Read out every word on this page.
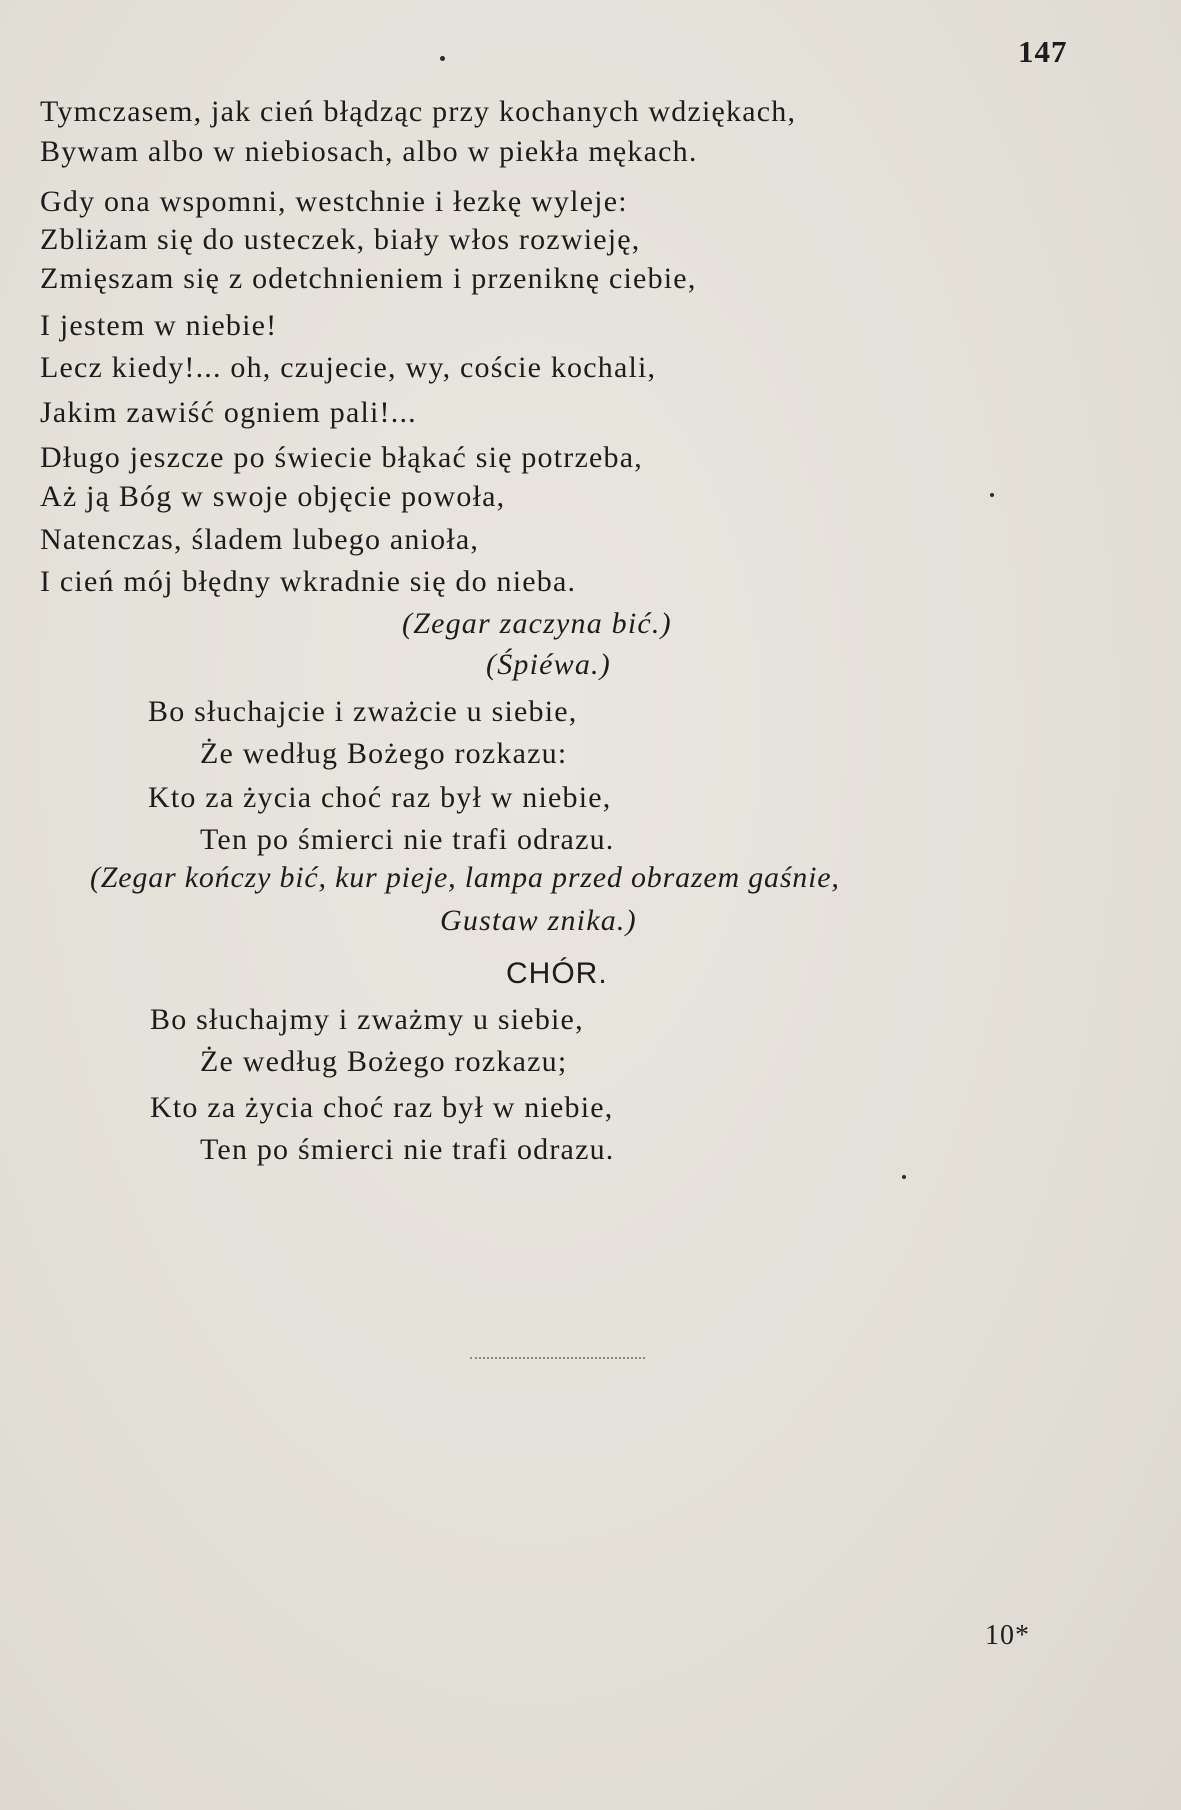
147
Tymczasem, jak cień błądząc przy kochanych wdziękach,
Bywam albo w niebiosach, albo w piekła mękach.
Gdy ona wspomni, westchnie i łezkę wyleje:
Zbliżam się do usteczek, biały włos rozwieję,
Zmięszam się z odetchnieniem i przeniknę ciebie,
I jestem w niebie!
Lecz kiedy!... oh, czujecie, wy, coście kochali,
Jakim zawiść ogniem pali!...
Długo jeszcze po świecie błąkać się potrzeba,
Aż ją Bóg w swoje objęcie powoła,
Natenczas, śladem lubego anioła,
I cień mój błędny wkradnie się do nieba.
(Zegar zaczyna bić.)
(Śpiéwa.)
Bo słuchajcie i zważcie u siebie,
Że według Bożego rozkazu:
Kto za życia choć raz był w niebie,
Ten po śmierci nie trafi odrazu.
(Zegar kończy bić, kur pieje, lampa przed obrazem gaśnie,
Gustaw znika.)
CHÓR.
Bo słuchajmy i zważmy u siebie,
Że według Bożego rozkazu;
Kto za życia choć raz był w niebie,
Ten po śmierci nie trafi odrazu.
10*
